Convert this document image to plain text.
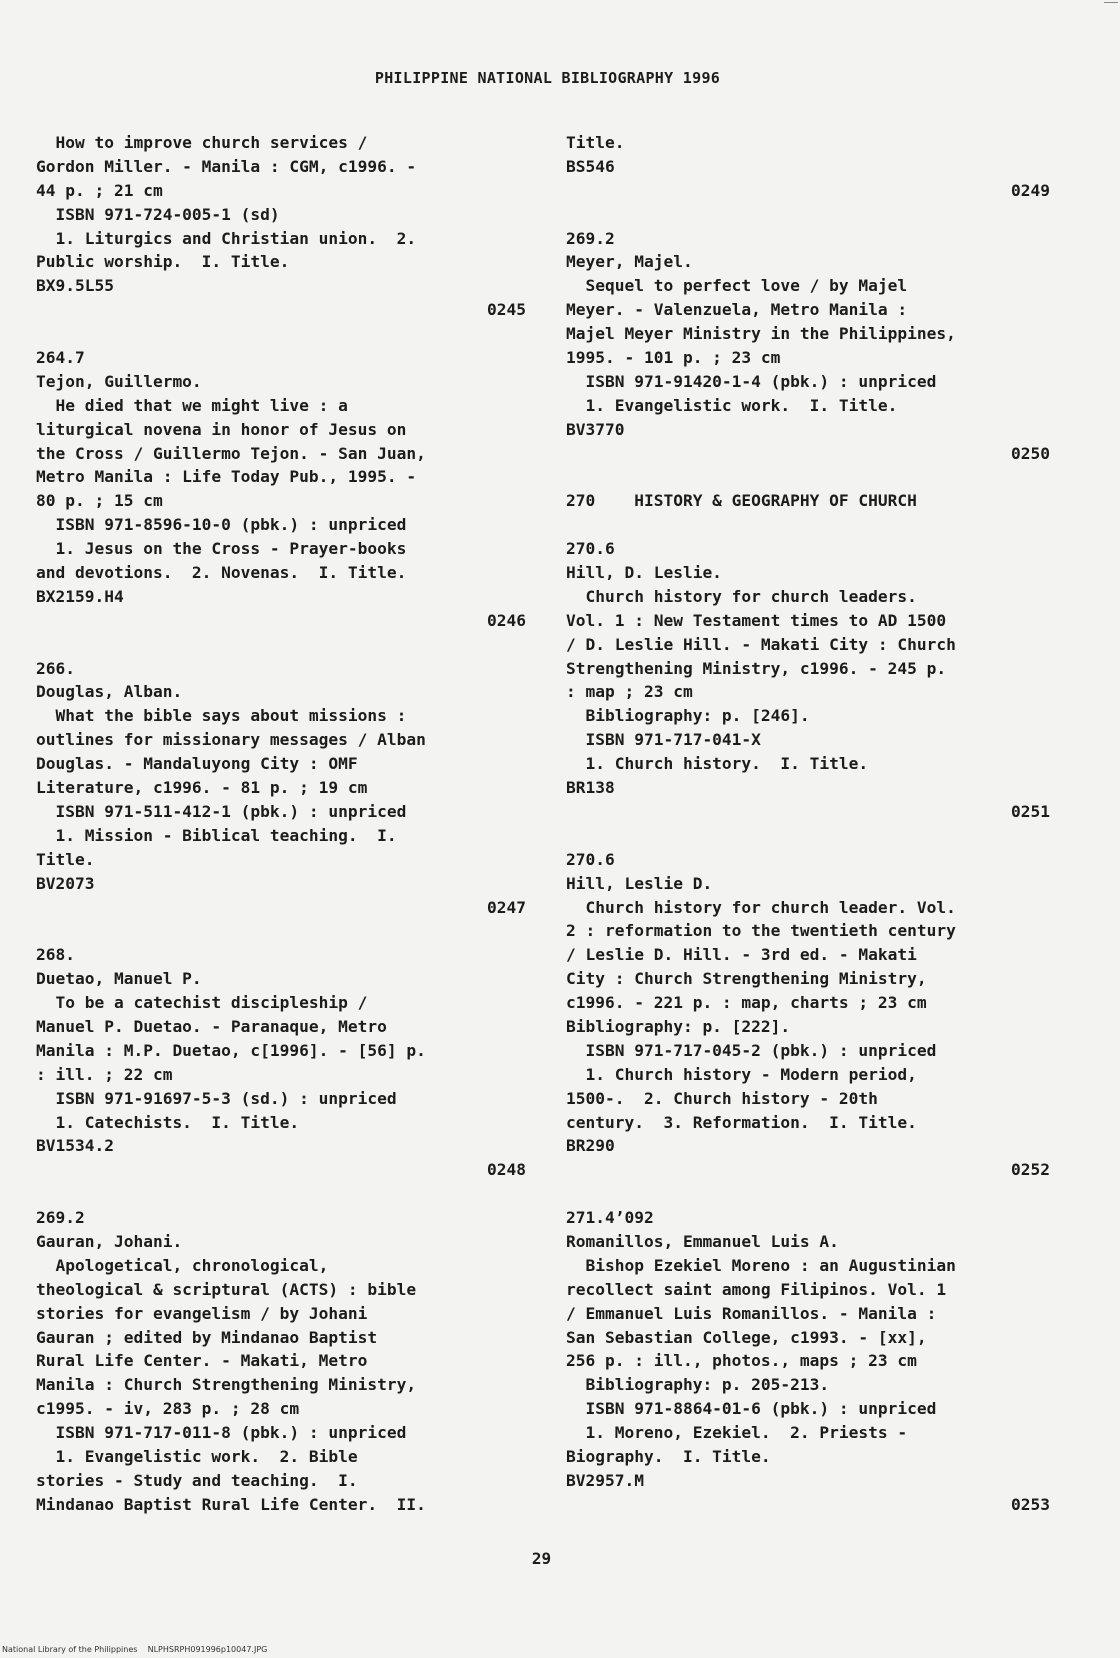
PHILIPPINE NATIONAL BIBLIOGRAPHY 1996
How to improve church services /
Gordon Miller. - Manila : CGM, c1996. -
44 p. ; 21 cm
ISBN 971-724-005-1 (sd)
1. Liturgics and Christian union.  2.
Public worship.  I. Title.
BX9.5L55
0245
264.7
Tejon, Guillermo.
He died that we might live : a
liturgical novena in honor of Jesus on
the Cross / Guillermo Tejon. - San Juan,
Metro Manila : Life Today Pub., 1995. -
80 p. ; 15 cm
ISBN 971-8596-10-0 (pbk.) : unpriced
1. Jesus on the Cross - Prayer-books
and devotions.  2. Novenas.  I. Title.
BX2159.H4
0246
266.
Douglas, Alban.
What the bible says about missions :
outlines for missionary messages / Alban
Douglas. - Mandaluyong City : OMF
Literature, c1996. - 81 p. ; 19 cm
ISBN 971-511-412-1 (pbk.) : unpriced
1. Mission - Biblical teaching.  I.
Title.
BV2073
0247
268.
Duetao, Manuel P.
To be a catechist discipleship /
Manuel P. Duetao. - Paranaque, Metro
Manila : M.P. Duetao, c[1996]. - [56] p.
: ill. ; 22 cm
ISBN 971-91697-5-3 (sd.) : unpriced
1. Catechists.  I. Title.
BV1534.2
0248
269.2
Gauran, Johani.
Apologetical, chronological,
theological & scriptural (ACTS) : bible
stories for evangelism / by Johani
Gauran ; edited by Mindanao Baptist
Rural Life Center. - Makati, Metro
Manila : Church Strengthening Ministry,
c1995. - iv, 283 p. ; 28 cm
ISBN 971-717-011-8 (pbk.) : unpriced
1. Evangelistic work.  2. Bible
stories - Study and teaching.  I.
Mindanao Baptist Rural Life Center.  II.
Title.
BS546
0249
269.2
Meyer, Majel.
Sequel to perfect love / by Majel
Meyer. - Valenzuela, Metro Manila :
Majel Meyer Ministry in the Philippines,
1995. - 101 p. ; 23 cm
ISBN 971-91420-1-4 (pbk.) : unpriced
1. Evangelistic work.  I. Title.
BV3770
0250
270    HISTORY & GEOGRAPHY OF CHURCH
270.6
Hill, D. Leslie.
Church history for church leaders.
Vol. 1 : New Testament times to AD 1500
/ D. Leslie Hill. - Makati City : Church
Strengthening Ministry, c1996. - 245 p.
: map ; 23 cm
Bibliography: p. [246].
ISBN 971-717-041-X
1. Church history.  I. Title.
BR138
0251
270.6
Hill, Leslie D.
Church history for church leader. Vol.
2 : reformation to the twentieth century
/ Leslie D. Hill. - 3rd ed. - Makati
City : Church Strengthening Ministry,
c1996. - 221 p. : map, charts ; 23 cm
Bibliography: p. [222].
ISBN 971-717-045-2 (pbk.) : unpriced
1. Church history - Modern period,
1500-.  2. Church history - 20th
century.  3. Reformation.  I. Title.
BR290
0252
271.4’092
Romanillos, Emmanuel Luis A.
Bishop Ezekiel Moreno : an Augustinian
recollect saint among Filipinos. Vol. 1
/ Emmanuel Luis Romanillos. - Manila :
San Sebastian College, c1993. - [xx],
256 p. : ill., photos., maps ; 23 cm
Bibliography: p. 205-213.
ISBN 971-8864-01-6 (pbk.) : unpriced
1. Moreno, Ezekiel.  2. Priests -
Biography.  I. Title.
BV2957.M
0253
29
National Library of the Philippines NLPHSRPH091996p10047.JPG
